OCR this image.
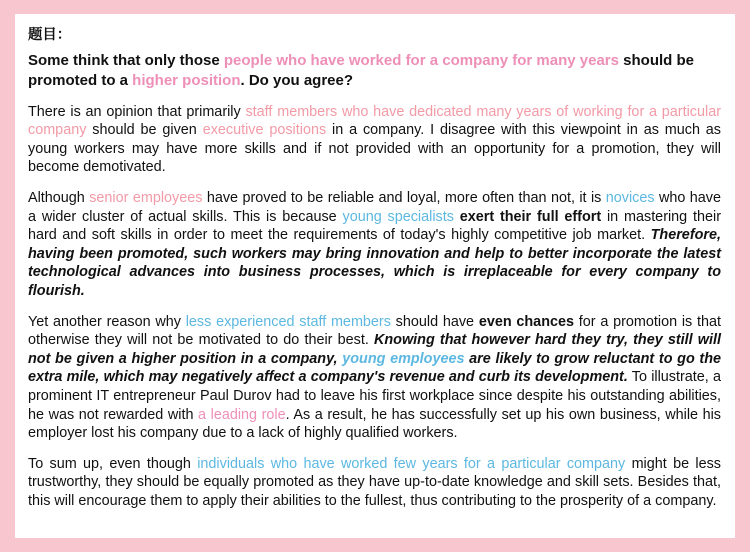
题目：
Some think that only those people who have worked for a company for many years should be promoted to a higher position. Do you agree?

There is an opinion that primarily staff members who have dedicated many years of working for a particular company should be given executive positions in a company. I disagree with this viewpoint in as much as young workers may have more skills and if not provided with an opportunity for a promotion, they will become demotivated.

Although senior employees have proved to be reliable and loyal, more often than not, it is novices who have a wider cluster of actual skills. This is because young specialists exert their full effort in mastering their hard and soft skills in order to meet the requirements of today's highly competitive job market. Therefore, having been promoted, such workers may bring innovation and help to better incorporate the latest technological advances into business processes, which is irreplaceable for every company to flourish.

Yet another reason why less experienced staff members should have even chances for a promotion is that otherwise they will not be motivated to do their best. Knowing that however hard they try, they still will not be given a higher position in a company, young employees are likely to grow reluctant to go the extra mile, which may negatively affect a company's revenue and curb its development. To illustrate, a prominent IT entrepreneur Paul Durov had to leave his first workplace since despite his outstanding abilities, he was not rewarded with a leading role. As a result, he has successfully set up his own business, while his employer lost his company due to a lack of highly qualified workers.

To sum up, even though individuals who have worked few years for a particular company might be less trustworthy, they should be equally promoted as they have up-to-date knowledge and skill sets. Besides that, this will encourage them to apply their abilities to the fullest, thus contributing to the prosperity of a company.
